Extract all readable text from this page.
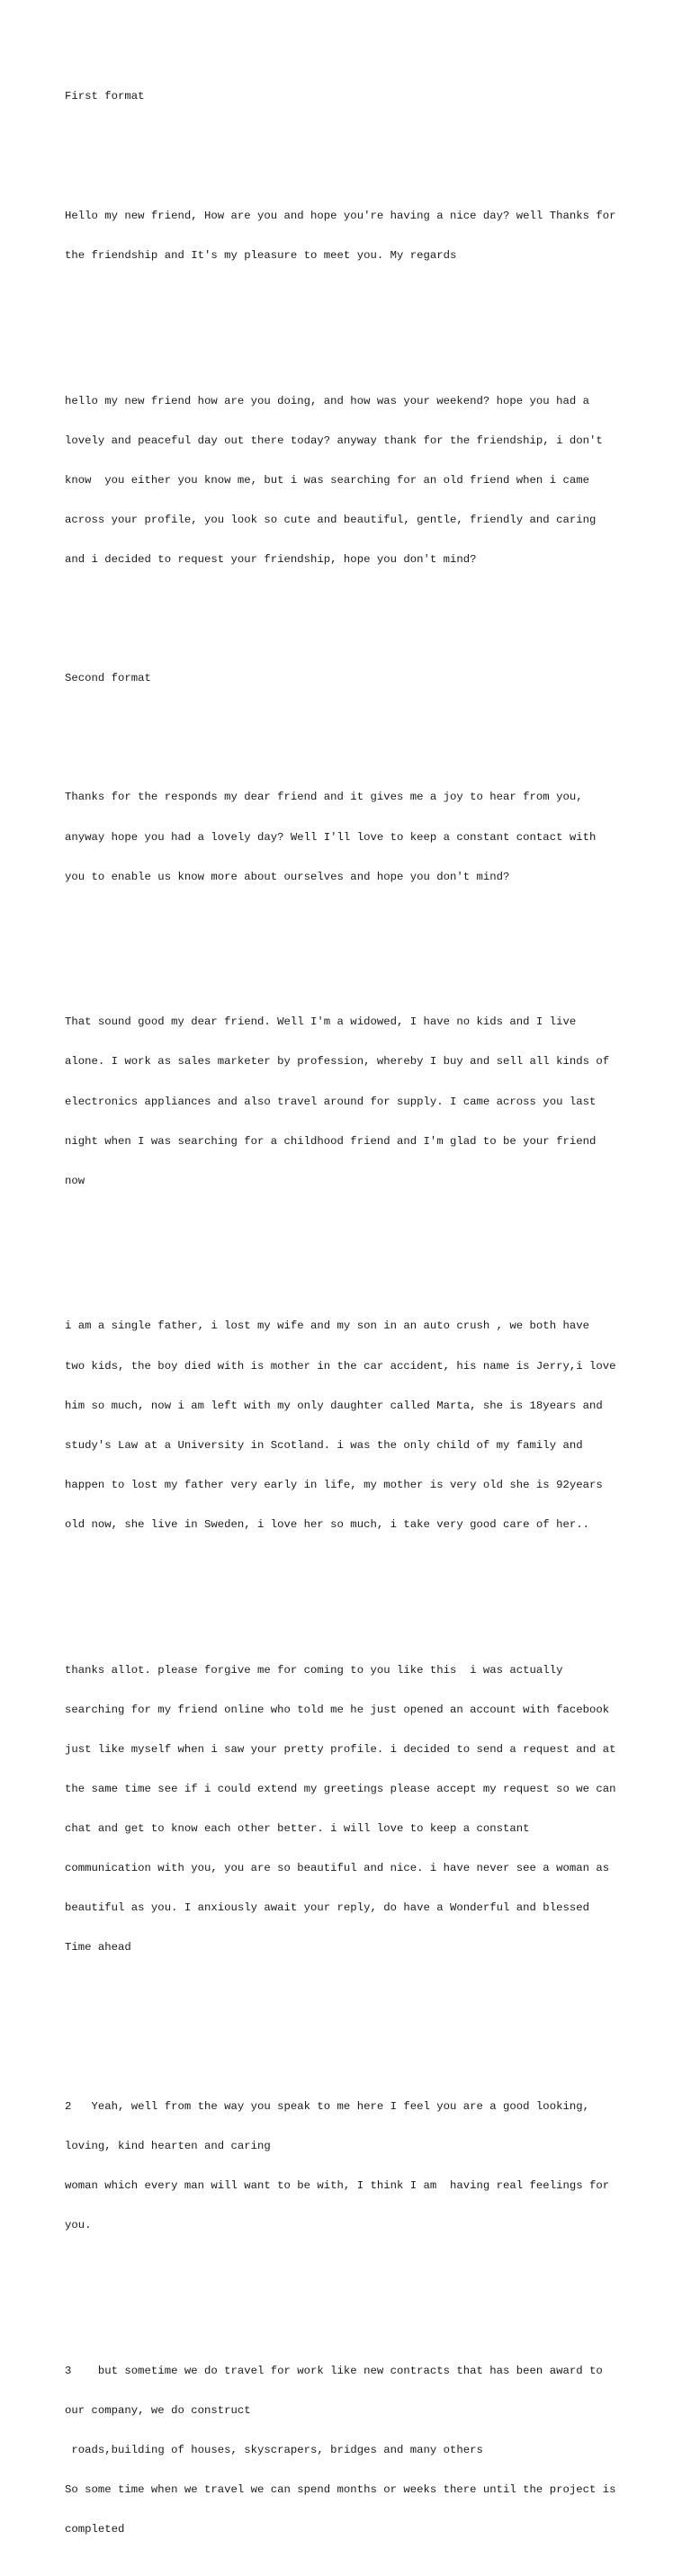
First format

Hello my new friend, How are you and hope you're having a nice day? well Thanks for

the friendship and It's my pleasure to meet you. My regards

hello my new friend how are you doing, and how was your weekend? hope you had a

lovely and peaceful day out there today? anyway thank for the friendship, i don't

know  you either you know me, but i was searching for an old friend when i came

across your profile, you look so cute and beautiful, gentle, friendly and caring

and i decided to request your friendship, hope you don't mind?

Second format

Thanks for the responds my dear friend and it gives me a joy to hear from you,

anyway hope you had a lovely day? Well I'll love to keep a constant contact with

you to enable us know more about ourselves and hope you don't mind?

That sound good my dear friend. Well I'm a widowed, I have no kids and I live

alone. I work as sales marketer by profession, whereby I buy and sell all kinds of

electronics appliances and also travel around for supply. I came across you last

night when I was searching for a childhood friend and I'm glad to be your friend

now

i am a single father, i lost my wife and my son in an auto crush , we both have

two kids, the boy died with is mother in the car accident, his name is Jerry,i love

him so much, now i am left with my only daughter called Marta, she is 18years and

study's Law at a University in Scotland. i was the only child of my family and

happen to lost my father very early in life, my mother is very old she is 92years

old now, she live in Sweden, i love her so much, i take very good care of her..

thanks allot. please forgive me for coming to you like this  i was actually

searching for my friend online who told me he just opened an account with facebook

just like myself when i saw your pretty profile. i decided to send a request and at

the same time see if i could extend my greetings please accept my request so we can

chat and get to know each other better. i will love to keep a constant

communication with you, you are so beautiful and nice. i have never see a woman as

beautiful as you. I anxiously await your reply, do have a Wonderful and blessed

Time ahead

2   Yeah, well from the way you speak to me here I feel you are a good looking,

loving, kind hearten and caring

woman which every man will want to be with, I think I am  having real feelings for

you.

3    but sometime we do travel for work like new contracts that has been award to

our company, we do construct

roads,building of houses, skyscrapers, bridges and many others

So some time when we travel we can spend months or weeks there until the project is

completed
